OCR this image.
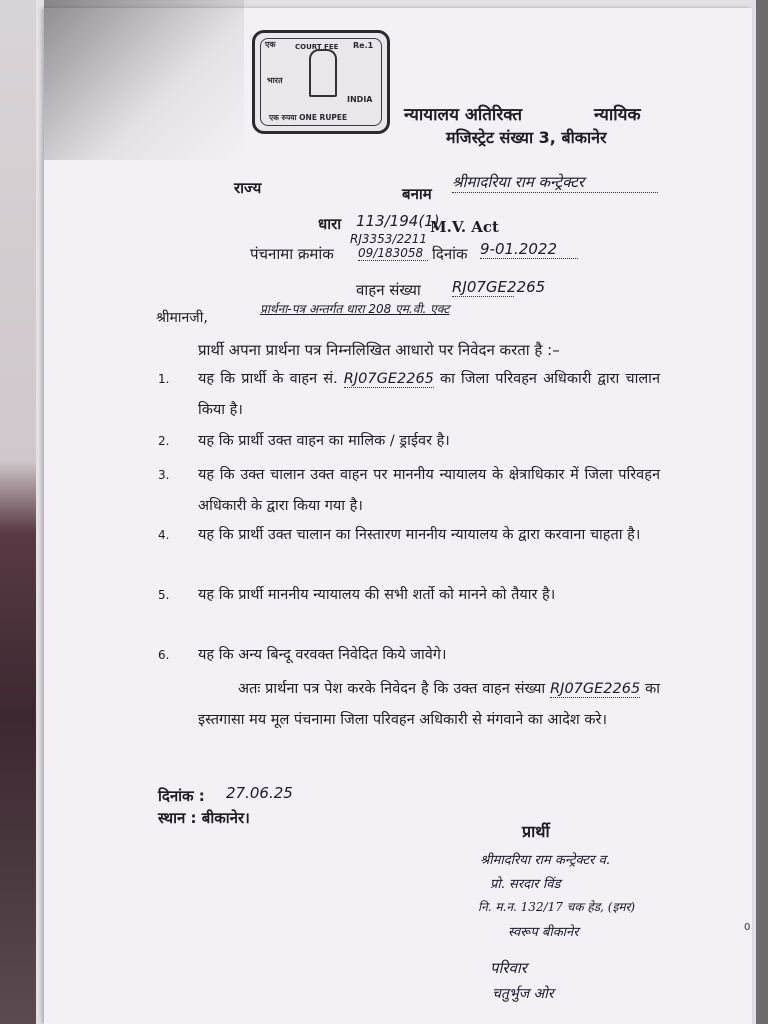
एक	COURT FEE Re.1
भारत
INDIA
एक रुपया ONE RUPEE	न्यायालय अतिरिक्त	न्यायिक
मजिस्ट्रेट संख्या 3, बीकानेर
राज्य	बनाम
श्रीमादरिया राम कन्ट्रेक्टर
धारा 113/194(1)
M.V. Act
RJ3353/2211
पंचनामा क्रमांक 09/183058 दिनांक 9-01.2022
वाहन संख्या RJ07GE2265
श्रीमानजी,
प्रार्थना-पत्र अन्तर्गत धारा 208 एम.वी. एक्ट
प्रार्थी अपना प्रार्थना पत्र निम्नलिखित आधारो पर निवेदन करता है :–
1. यह कि प्रार्थी के वाहन सं. RJ07GE2265 का जिला परिवहन अधिकारी द्वारा चालान किया है।
2. यह कि प्रार्थी उक्त वाहन का मालिक / ड्राईवर है।
3. यह कि उक्त चालान उक्त वाहन पर माननीय न्यायालय के क्षेत्राधिकार में जिला परिवहन अधिकारी के द्वारा किया गया है।
4. यह कि प्रार्थी उक्त चालान का निस्तारण माननीय न्यायालय के द्वारा करवाना चाहता है।
5. यह कि प्रार्थी माननीय न्यायालय की सभी शर्तो को मानने को तैयार है।
6. यह कि अन्य बिन्दू वरवक्त निवेदित किये जावेगे।
अतः प्रार्थना पत्र पेश करके निवेदन है कि उक्त वाहन संख्या RJ07GE2265 का इस्तगासा मय मूल पंचनामा जिला परिवहन अधिकारी से मंगवाने का आदेश करे।
दिनांक : 27.06.25
स्थान : बीकानेर।
प्रार्थी
श्रीमादरिया राम कन्ट्रेक्टर व.
प्रो. सरदार विंड
नि. म.न. 132/17 चक हेड, (इमर)
स्वरूप बीकानेर
परिवार
चतुर्भुज ओर
0
